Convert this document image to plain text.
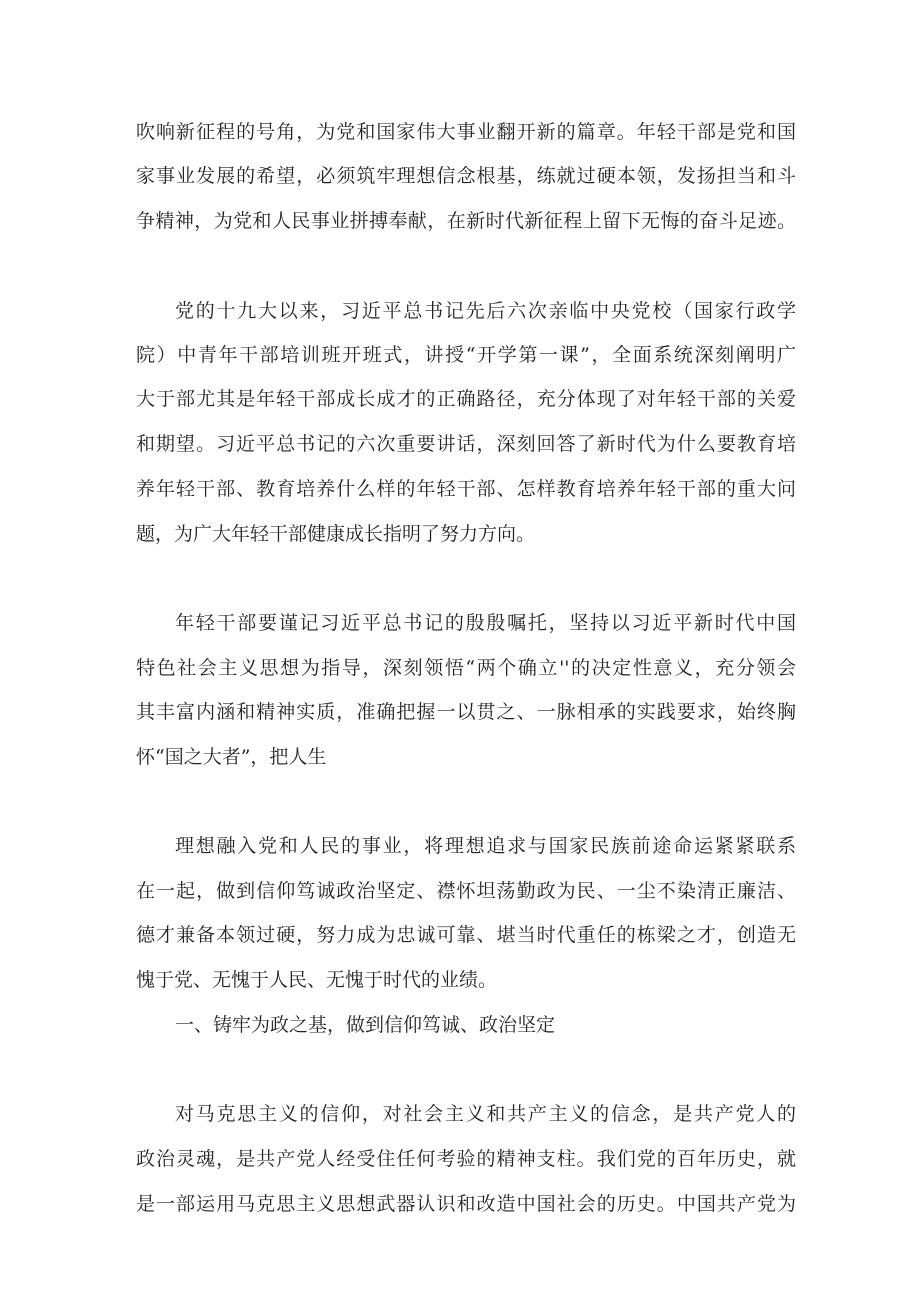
吹响新征程的号角，为党和国家伟大事业翻开新的篇章。年轻干部是党和国

家事业发展的希望，必须筑牢理想信念根基，练就过硬本领，发扬担当和斗

争精神，为党和人民事业拼搏奉献，在新时代新征程上留下无悔的奋斗足迹。

党的十九大以来，习近平总书记先后六次亲临中央党校（国家行政学

院）中青年干部培训班开班式，讲授“开学第一课”，全面系统深刻阐明广

大于部尤其是年轻干部成长成才的正确路径，充分体现了对年轻干部的关爱

和期望。习近平总书记的六次重要讲话，深刻回答了新时代为什么要教育培

养年轻干部、教育培养什么样的年轻干部、怎样教育培养年轻干部的重大问

题，为广大年轻干部健康成长指明了努力方向。

年轻干部要谨记习近平总书记的殷殷嘱托，坚持以习近平新时代中国

特色社会主义思想为指导，深刻领悟“两个确立''的决定性意义，充分领会

其丰富内涵和精神实质，准确把握一以贯之、一脉相承的实践要求，始终胸

怀“国之大者”，把人生

理想融入党和人民的事业，将理想追求与国家民族前途命运紧紧联系

在一起，做到信仰笃诚政治坚定、襟怀坦荡勤政为民、一尘不染清正廉洁、

德才兼备本领过硬，努力成为忠诚可靠、堪当时代重任的栋梁之才，创造无

愧于党、无愧于人民、无愧于时代的业绩。

一、铸牢为政之基，做到信仰笃诚、政治坚定

对马克思主义的信仰，对社会主义和共产主义的信念，是共产党人的

政治灵魂，是共产党人经受住任何考验的精神支柱。我们党的百年历史，就

是一部运用马克思主义思想武器认识和改造中国社会的历史。中国共产党为
